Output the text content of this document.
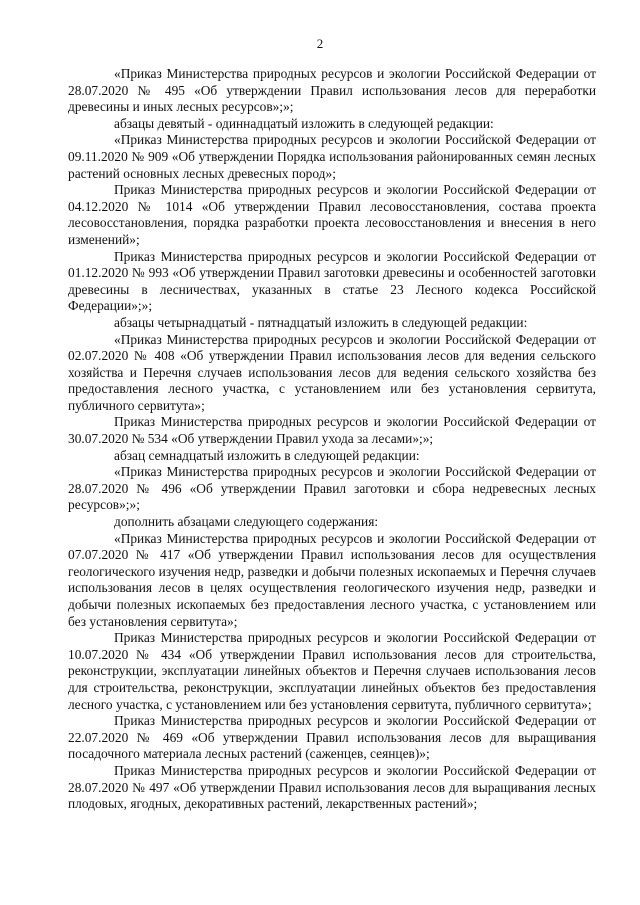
2

«Приказ Министерства природных ресурсов и экологии Российской Федерации от 28.07.2020 № 495 «Об утверждении Правил использования лесов для переработки древесины и иных лесных ресурсов»;»;

абзацы девятый - одиннадцатый изложить в следующей редакции:

«Приказ Министерства природных ресурсов и экологии Российской Федерации от 09.11.2020 № 909 «Об утверждении Порядка использования районированных семян лесных растений основных лесных древесных пород»;

Приказ Министерства природных ресурсов и экологии Российской Федерации от 04.12.2020 № 1014 «Об утверждении Правил лесовосстановления, состава проекта лесовосстановления, порядка разработки проекта лесовосстановления и внесения в него изменений»;

Приказ Министерства природных ресурсов и экологии Российской Федерации от 01.12.2020 № 993 «Об утверждении Правил заготовки древесины и особенностей заготовки древесины в лесничествах, указанных в статье 23 Лесного кодекса Российской Федерации»;»;

абзацы четырнадцатый - пятнадцатый изложить в следующей редакции:

«Приказ Министерства природных ресурсов и экологии Российской Федерации от 02.07.2020 № 408 «Об утверждении Правил использования лесов для ведения сельского хозяйства и Перечня случаев использования лесов для ведения сельского хозяйства без предоставления лесного участка, с установлением или без установления сервитута, публичного сервитута»;

Приказ Министерства природных ресурсов и экологии Российской Федерации от 30.07.2020 № 534 «Об утверждении Правил ухода за лесами»;»;

абзац семнадцатый изложить в следующей редакции:

«Приказ Министерства природных ресурсов и экологии Российской Федерации от 28.07.2020 № 496 «Об утверждении Правил заготовки и сбора недревесных лесных ресурсов»;»;

дополнить абзацами следующего содержания:

«Приказ Министерства природных ресурсов и экологии Российской Федерации от 07.07.2020 № 417 «Об утверждении Правил использования лесов для осуществления геологического изучения недр, разведки и добычи полезных ископаемых и Перечня случаев использования лесов в целях осуществления геологического изучения недр, разведки и добычи полезных ископаемых без предоставления лесного участка, с установлением или без установления сервитута»;

Приказ Министерства природных ресурсов и экологии Российской Федерации от 10.07.2020 № 434 «Об утверждении Правил использования лесов для строительства, реконструкции, эксплуатации линейных объектов и Перечня случаев использования лесов для строительства, реконструкции, эксплуатации линейных объектов без предоставления лесного участка, с установлением или без установления сервитута, публичного сервитута»;

Приказ Министерства природных ресурсов и экологии Российской Федерации от 22.07.2020 № 469 «Об утверждении Правил использования лесов для выращивания посадочного материала лесных растений (саженцев, сеянцев)»;

Приказ Министерства природных ресурсов и экологии Российской Федерации от 28.07.2020 № 497 «Об утверждении Правил использования лесов для выращивания лесных плодовых, ягодных, декоративных растений, лекарственных растений»;
